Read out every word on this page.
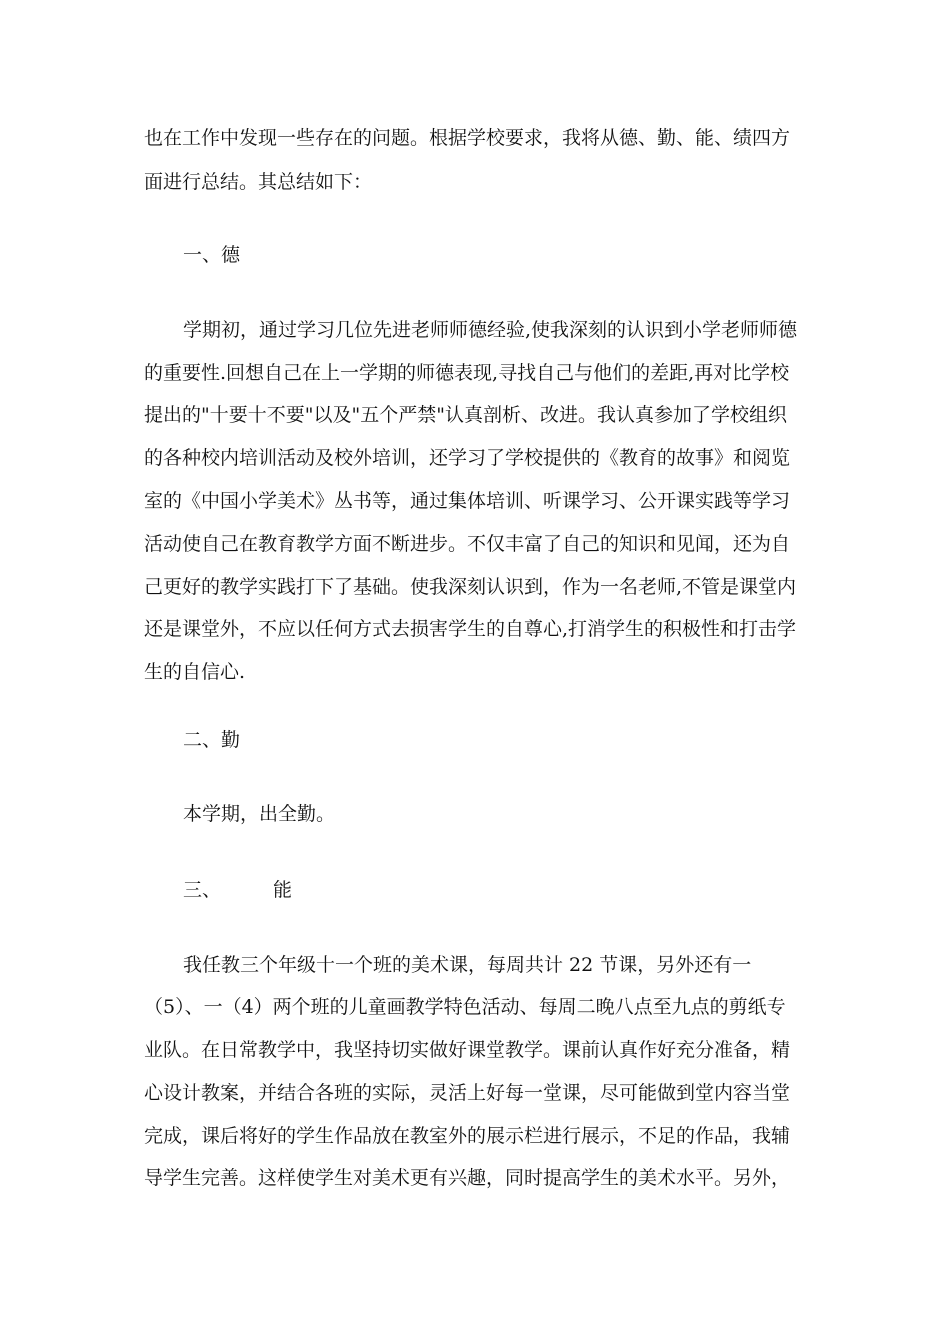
也在工作中发现一些存在的问题。根据学校要求，我将从德、勤、能、绩四方
面进行总结。其总结如下：
一、德
学期初，通过学习几位先进老师师德经验,使我深刻的认识到小学老师师德
的重要性.回想自己在上一学期的师德表现,寻找自己与他们的差距,再对比学校
提出的"十要十不要"以及"五个严禁"认真剖析、改进。我认真参加了学校组织
的各种校内培训活动及校外培训，还学习了学校提供的《教育的故事》和阅览
室的《中国小学美术》丛书等，通过集体培训、听课学习、公开课实践等学习
活动使自己在教育教学方面不断进步。不仅丰富了自己的知识和见闻，还为自
己更好的教学实践打下了基础。使我深刻认识到，作为一名老师,不管是课堂内
还是课堂外，不应以任何方式去损害学生的自尊心,打消学生的积极性和打击学
生的自信心.
二、勤
本学期，出全勤。
三、	能
我任教三个年级十一个班的美术课，每周共计 22 节课，另外还有一
（5）、一（4）两个班的儿童画教学特色活动、每周二晚八点至九点的剪纸专
业队。在日常教学中，我坚持切实做好课堂教学。课前认真作好充分准备，精
心设计教案，并结合各班的实际，灵活上好每一堂课，尽可能做到堂内容当堂
完成，课后将好的学生作品放在教室外的展示栏进行展示，不足的作品，我辅
导学生完善。这样使学生对美术更有兴趣，同时提高学生的美术水平。另外，
